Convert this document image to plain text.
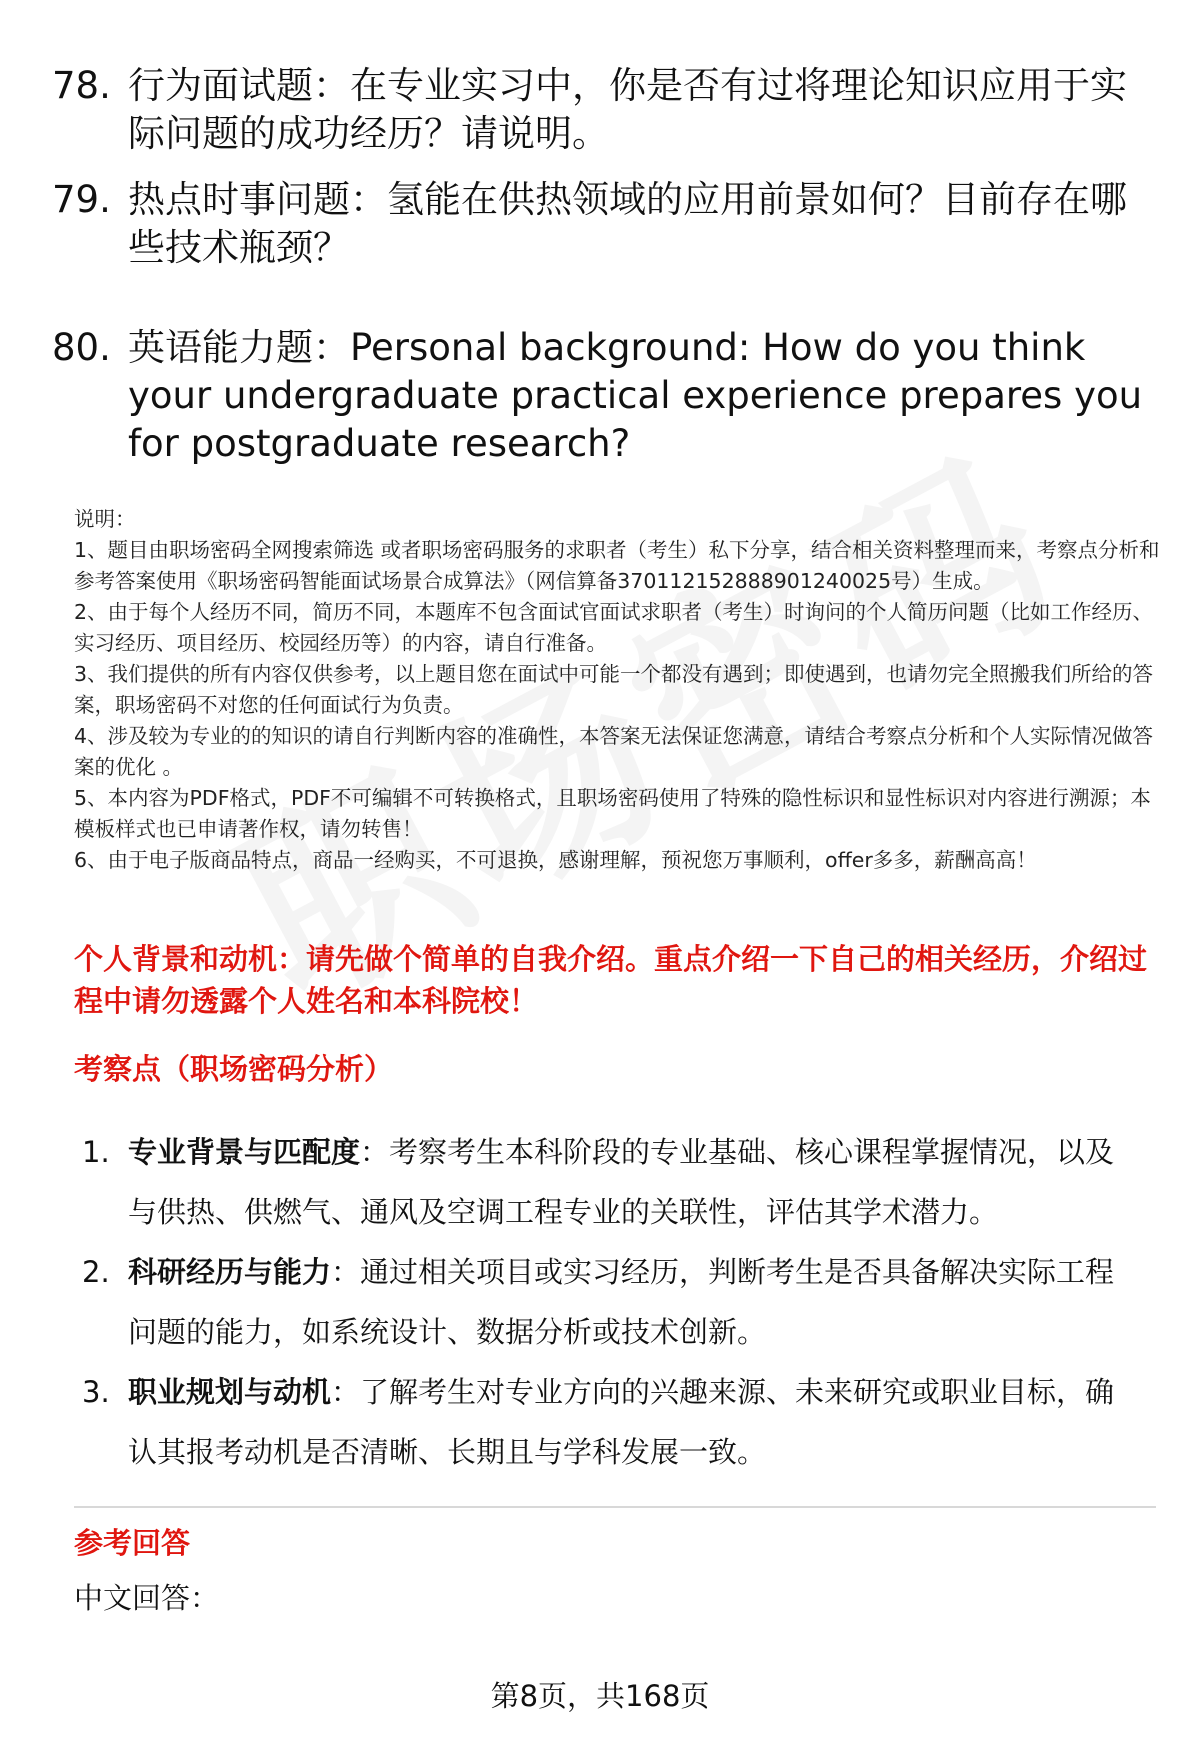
78. 行为面试题：在专业实习中，你是否有过将理论知识应用于实际问题的成功经历？请说明。
79. 热点时事问题：氢能在供热领域的应用前景如何？目前存在哪些技术瓶颈？
80. 英语能力题：Personal background: How do you think your undergraduate practical experience prepares you for postgraduate research?

说明：

1、题目由职场密码全网搜索筛选 或者职场密码服务的求职者（考生）私下分享，结合相关资料整理而来，考察点分析和参考答案使用《职场密码智能面试场景合成算法》（网信算备370112152888901240025号）生成。

2、由于每个人经历不同，简历不同，本题库不包含面试官面试求职者（考生）时询问的个人简历问题（比如工作经历、实习经历、项目经历、校园经历等）的内容，请自行准备。

3、我们提供的所有内容仅供参考，以上题目您在面试中可能一个都没有遇到；即使遇到，也请勿完全照搬我们所给的答案，职场密码不对您的任何面试行为负责。

4、涉及较为专业的的知识的请自行判断内容的准确性，本答案无法保证您满意，请结合考察点分析和个人实际情况做答案的优化 。

5、本内容为PDF格式，PDF不可编辑不可转换格式，且职场密码使用了特殊的隐性标识和显性标识对内容进行溯源；本模板样式也已申请著作权，请勿转售！

6、由于电子版商品特点，商品一经购买，不可退换，感谢理解，预祝您万事顺利，offer多多，薪酬高高！

个人背景和动机：请先做个简单的自我介绍。重点介绍一下自己的相关经历，介绍过程中请勿透露个人姓名和本科院校！
考察点（职场密码分析）
1. 专业背景与匹配度：考察考生本科阶段的专业基础、核心课程掌握情况，以及与供热、供燃气、通风及空调工程专业的关联性，评估其学术潜力。
2. 科研经历与能力：通过相关项目或实习经历，判断考生是否具备解决实际工程问题的能力，如系统设计、数据分析或技术创新。
3. 职业规划与动机：了解考生对专业方向的兴趣来源、未来研究或职业目标，确认其报考动机是否清晰、长期且与学科发展一致。
参考回答
中文回答：
第8页，共168页
